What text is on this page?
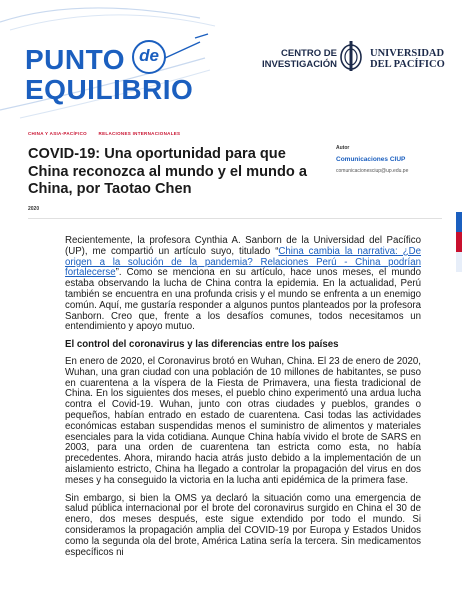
PUNTO de
EQUILIBRIO
CENTRO DE
INVESTIGACIÓN
UNIVERSIDAD
DEL PACÍFICO
CHINA Y ASIA-PACÍFICO	RELACIONES INTERNACIONALES
COVID-19: Una oportunidad para que China reconozca al mundo y el mundo a China, por Taotao Chen
2020
Autor
Comunicaciones CIUP
comunicacionesciup@up.edu.pe

Recientemente, la profesora Cynthia A. Sanborn de la Universidad del Pacífico (UP), me compartió un artículo suyo, titulado “China cambia la narrativa: ¿De origen a la solución de la pandemia? Relaciones Perú - China podrían fortalecerse”. Como se menciona en su artículo, hace unos meses, el mundo estaba observando la lucha de China contra la epidemia. En la actualidad, Perú también se encuentra en una profunda crisis y el mundo se enfrenta a un enemigo común. Aquí, me gustaría responder a algunos puntos planteados por la profesora Sanborn. Creo que, frente a los desafíos comunes, todos necesitamos un entendimiento y apoyo mutuo.

El control del coronavirus y las diferencias entre los países

En enero de 2020, el Coronavirus brotó en Wuhan, China. El 23 de enero de 2020, Wuhan, una gran ciudad con una población de 10 millones de habitantes, se puso en cuarentena a la víspera de la Fiesta de Primavera, una fiesta tradicional de China. En los siguientes dos meses, el pueblo chino experimentó una ardua lucha contra el Covid-19. Wuhan, junto con otras ciudades y pueblos, grandes o pequeños, habían entrado en estado de cuarentena. Casi todas las actividades económicas estaban suspendidas menos el suministro de alimentos y materiales esenciales para la vida cotidiana. Aunque China había vivido el brote de SARS en 2003, para una orden de cuarentena tan estricta como esta, no había precedentes. Ahora, mirando hacia atrás justo debido a la implementación de un aislamiento estricto, China ha llegado a controlar la propagación del virus en dos meses y ha conseguido la victoria en la lucha anti epidémica de la primera fase.

Sin embargo, si bien la OMS ya declaró la situación como una emergencia de salud pública internacional por el brote del coronavirus surgido en China el 30 de enero, dos meses después, este sigue extendido por todo el mundo. Si consideramos la propagación amplia del COVID-19 por Europa y Estados Unidos como la segunda ola del brote, América Latina sería la tercera. Sin medicamentos específicos ni
